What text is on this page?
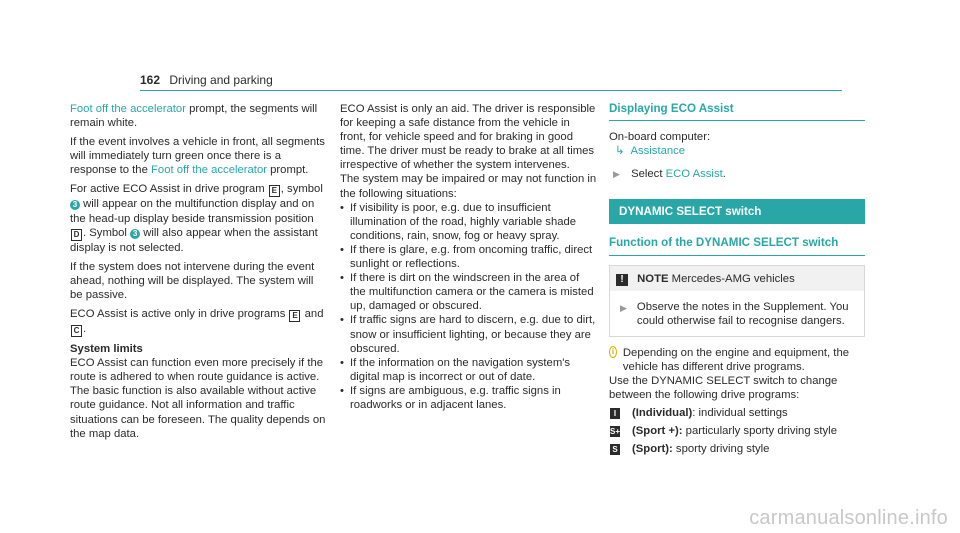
162 Driving and parking

Foot off the accelerator prompt, the segments will remain white.

If the event involves a vehicle in front, all segments will immediately turn green once there is a response to the Foot off the accelerator prompt.

For active ECO Assist in drive program E , symbol 3 will appear on the multifunction display and on the head-up display beside transmission position D . Symbol 3 will also appear when the assistant display is not selected.

If the system does not intervene during the event ahead, nothing will be displayed. The system will be passive.

ECO Assist is active only in drive programs E and C .

System limits

ECO Assist can function even more precisely if the route is adhered to when route guidance is active. The basic function is also available without active route guidance. Not all information and traffic situations can be foreseen. The quality depends on the map data.

ECO Assist is only an aid. The driver is responsible for keeping a safe distance from the vehicle in front, for vehicle speed and for braking in good time. The driver must be ready to brake at all times irrespective of whether the system intervenes.

The system may be impaired or may not function in the following situations:

• If visibility is poor, e.g. due to insufficient illumination of the road, highly variable shade conditions, rain, snow, fog or heavy spray.
• If there is glare, e.g. from oncoming traffic, direct sunlight or reflections.
• If there is dirt on the windscreen in the area of the multifunction camera or the camera is misted up, damaged or obscured.
• If traffic signs are hard to discern, e.g. due to dirt, snow or insufficient lighting, or because they are obscured.
• If the information on the navigation system's digital map is incorrect or out of date.
• If signs are ambiguous, e.g. traffic signs in roadworks or in adjacent lanes.
Displaying ECO Assist

On-board computer:

↳ Assistance

▶ Select ECO Assist.

DYNAMIC SELECT switch
Function of the DYNAMIC SELECT switch
! NOTE Mercedes-AMG vehicles
▶ Observe the notes in the Supplement. You could otherwise fail to recognise dangers.

i Depending on the engine and equipment, the vehicle has different drive programs.

Use the DYNAMIC SELECT switch to change between the following drive programs:

I	(Individual): individual settings
S+ (Sport +): particularly sporty driving style
S (Sport): sporty driving style
carmanualsonline.info
